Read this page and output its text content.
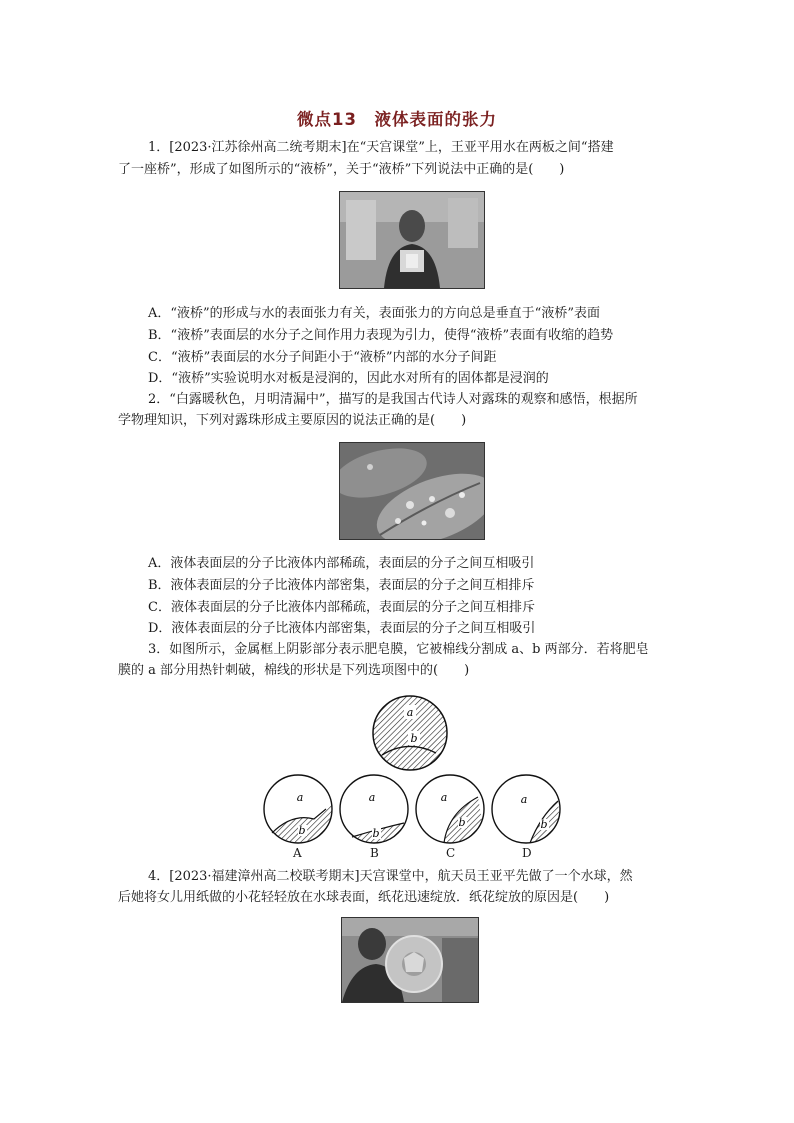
微点13　液体表面的张力
1．[2023·江苏徐州高二统考期末]在“天宫课堂”上，王亚平用水在两板之间“搭建
了一座桥”，形成了如图所示的“液桥”，关于“液桥”下列说法中正确的是(　　)
A．“液桥”的形成与水的表面张力有关，表面张力的方向总是垂直于“液桥”表面
B．“液桥”表面层的水分子之间作用力表现为引力，使得“液桥”表面有收缩的趋势
C．“液桥”表面层的水分子间距小于“液桥”内部的水分子间距
D．“液桥”实验说明水对板是浸润的，因此水对所有的固体都是浸润的
2．“白露暖秋色，月明清漏中”，描写的是我国古代诗人对露珠的观察和感悟，根据所
学物理知识，下列对露珠形成主要原因的说法正确的是(　　)
A．液体表面层的分子比液体内部稀疏，表面层的分子之间互相吸引
B．液体表面层的分子比液体内部密集，表面层的分子之间互相排斥
C．液体表面层的分子比液体内部稀疏，表面层的分子之间互相排斥
D．液体表面层的分子比液体内部密集，表面层的分子之间互相吸引
3．如图所示，金属框上阴影部分表示肥皂膜，它被棉线分割成 a、b 两部分．若将肥皂
膜的 a 部分用热针刺破，棉线的形状是下列选项图中的(　　)
a
b
a
b
A
a
b
B
a
b
C
a
b
D
4．[2023·福建漳州高二校联考期末]天宫课堂中，航天员王亚平先做了一个水球，然
后她将女儿用纸做的小花轻轻放在水球表面，纸花迅速绽放．纸花绽放的原因是(　　)
